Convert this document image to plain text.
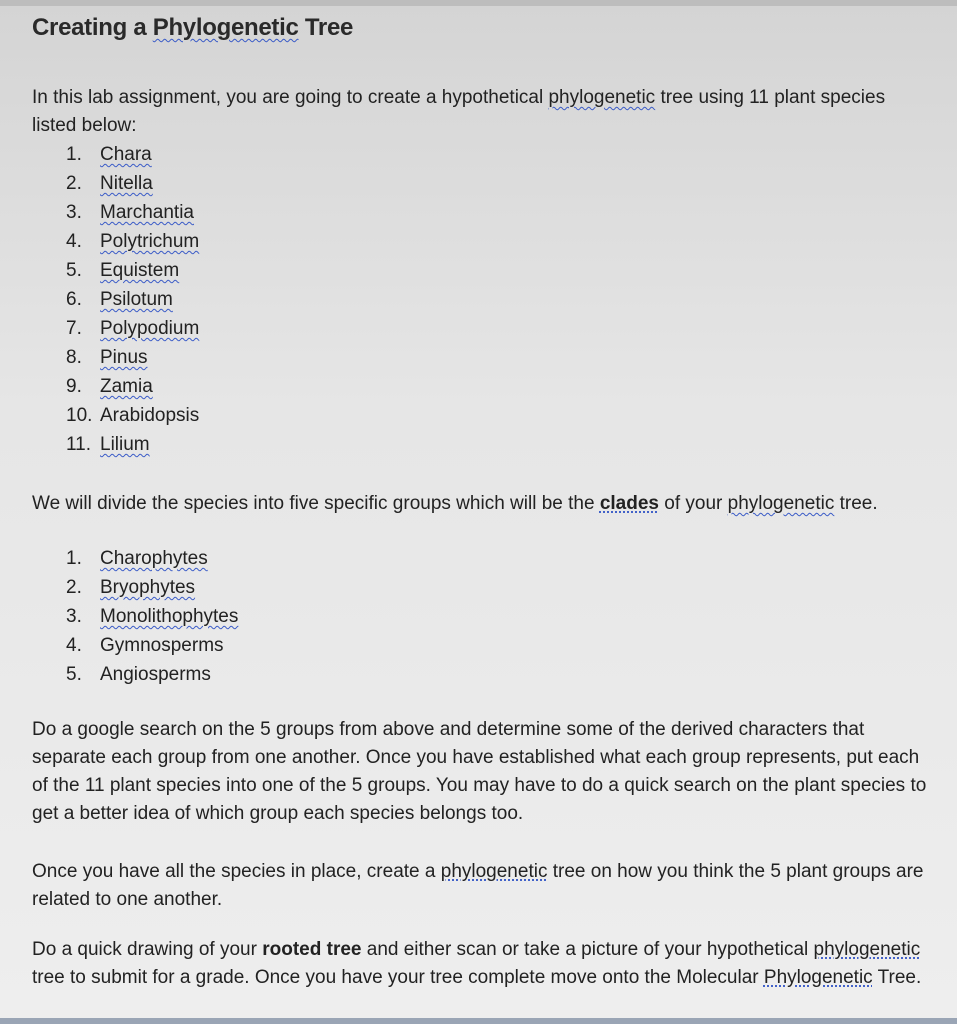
Creating a Phylogenetic Tree
In this lab assignment, you are going to create a hypothetical phylogenetic tree using 11 plant species listed below:
1. Chara
2. Nitella
3. Marchantia
4. Polytrichum
5. Equistem
6. Psilotum
7. Polypodium
8. Pinus
9. Zamia
10. Arabidopsis
11. Lilium
We will divide the species into five specific groups which will be the clades of your phylogenetic tree.
1. Charophytes
2. Bryophytes
3. Monolithophytes
4. Gymnosperms
5. Angiosperms
Do a google search on the 5 groups from above and determine some of the derived characters that separate each group from one another. Once you have established what each group represents, put each of the 11 plant species into one of the 5 groups. You may have to do a quick search on the plant species to get a better idea of which group each species belongs too.
Once you have all the species in place, create a phylogenetic tree on how you think the 5 plant groups are related to one another.
Do a quick drawing of your rooted tree and either scan or take a picture of your hypothetical phylogenetic tree to submit for a grade. Once you have your tree complete move onto the Molecular Phylogenetic Tree.
